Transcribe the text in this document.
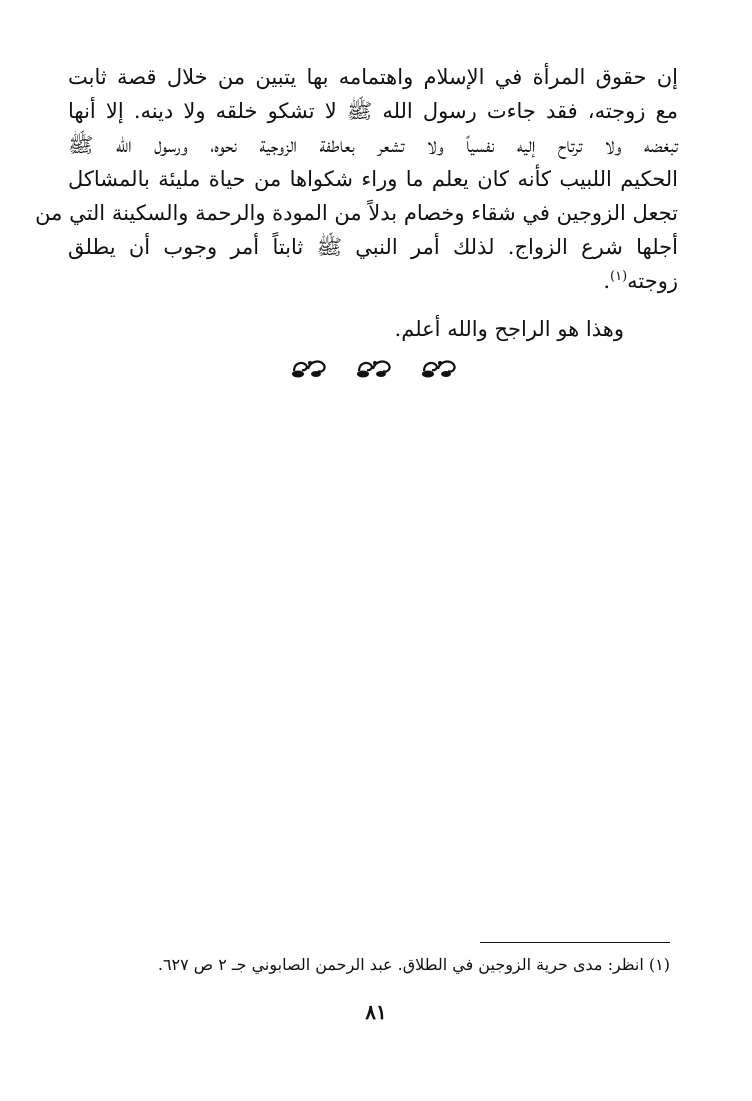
إن حقوق المرأة في الإسلام واهتمامه بها يتبين من خلال قصة ثابت
مع زوجته، فقد جاءت رسول الله ﷺ لا تشكو خلقه ولا دينه. إلا أنها
تبغضه ولا ترتاح إليه نفسياً ولا تشعر بعاطفة الزوجية نحوه، ورسول الله ﷺ
الحكيم اللبيب كأنه كان يعلم ما وراء شكواها من حياة مليئة بالمشاكل
تجعل الزوجين في شقاء وخصام بدلاً من المودة والرحمة والسكينة التي من
أجلها شرع الزواج. لذلك أمر النبي ﷺ ثابتاً أمر وجوب أن يطلق
زوجته$^{(١)}$.
وهذا هو الراجح والله أعلم.
(١) انظر: مدى حرية الزوجين في الطلاق. عبد الرحمن الصابوني جـ ٢ ص ٦٢٧.
٨١
